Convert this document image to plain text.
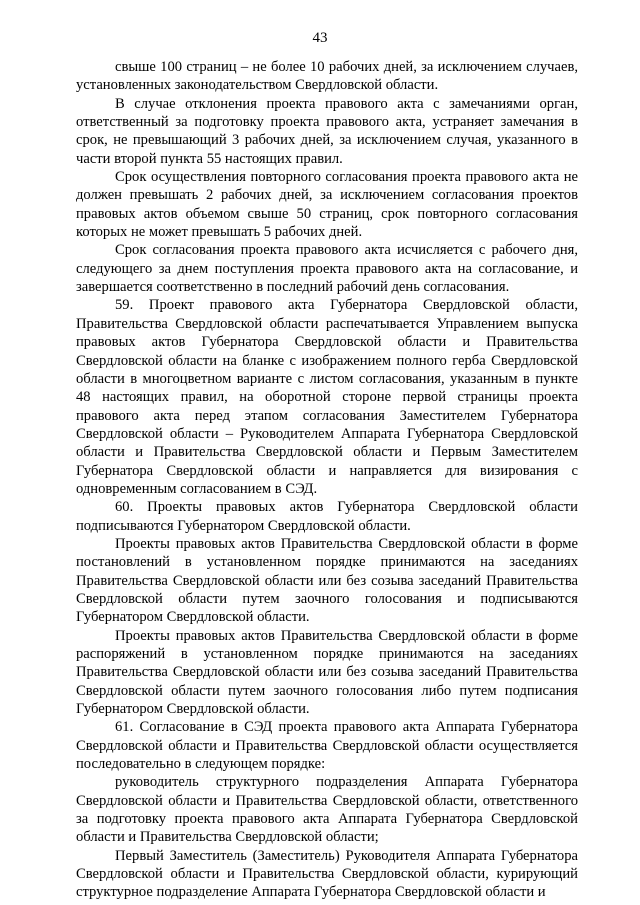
43

свыше 100 страниц – не более 10 рабочих дней, за исключением случаев, установленных законодательством Свердловской области.

В случае отклонения проекта правового акта с замечаниями орган, ответственный за подготовку проекта правового акта, устраняет замечания в срок, не превышающий 3 рабочих дней, за исключением случая, указанного в части второй пункта 55 настоящих правил.

Срок осуществления повторного согласования проекта правового акта не должен превышать 2 рабочих дней, за исключением согласования проектов правовых актов объемом свыше 50 страниц, срок повторного согласования которых не может превышать 5 рабочих дней.

Срок согласования проекта правового акта исчисляется с рабочего дня, следующего за днем поступления проекта правового акта на согласование, и завершается соответственно в последний рабочий день согласования.

59. Проект правового акта Губернатора Свердловской области, Правительства Свердловской области распечатывается Управлением выпуска правовых актов Губернатора Свердловской области и Правительства Свердловской области на бланке с изображением полного герба Свердловской области в многоцветном варианте с листом согласования, указанным в пункте 48 настоящих правил, на оборотной стороне первой страницы проекта правового акта перед этапом согласования Заместителем Губернатора Свердловской области – Руководителем Аппарата Губернатора Свердловской области и Правительства Свердловской области и Первым Заместителем Губернатора Свердловской области и направляется для визирования с одновременным согласованием в СЭД.

60. Проекты правовых актов Губернатора Свердловской области подписываются Губернатором Свердловской области.

Проекты правовых актов Правительства Свердловской области в форме постановлений в установленном порядке принимаются на заседаниях Правительства Свердловской области или без созыва заседаний Правительства Свердловской области путем заочного голосования и подписываются Губернатором Свердловской области.

Проекты правовых актов Правительства Свердловской области в форме распоряжений в установленном порядке принимаются на заседаниях Правительства Свердловской области или без созыва заседаний Правительства Свердловской области путем заочного голосования либо путем подписания Губернатором Свердловской области.

61. Согласование в СЭД проекта правового акта Аппарата Губернатора Свердловской области и Правительства Свердловской области осуществляется последовательно в следующем порядке:

руководитель структурного подразделения Аппарата Губернатора Свердловской области и Правительства Свердловской области, ответственного за подготовку проекта правового акта Аппарата Губернатора Свердловской области и Правительства Свердловской области;

Первый Заместитель (Заместитель) Руководителя Аппарата Губернатора Свердловской области и Правительства Свердловской области, курирующий структурное подразделение Аппарата Губернатора Свердловской области и
